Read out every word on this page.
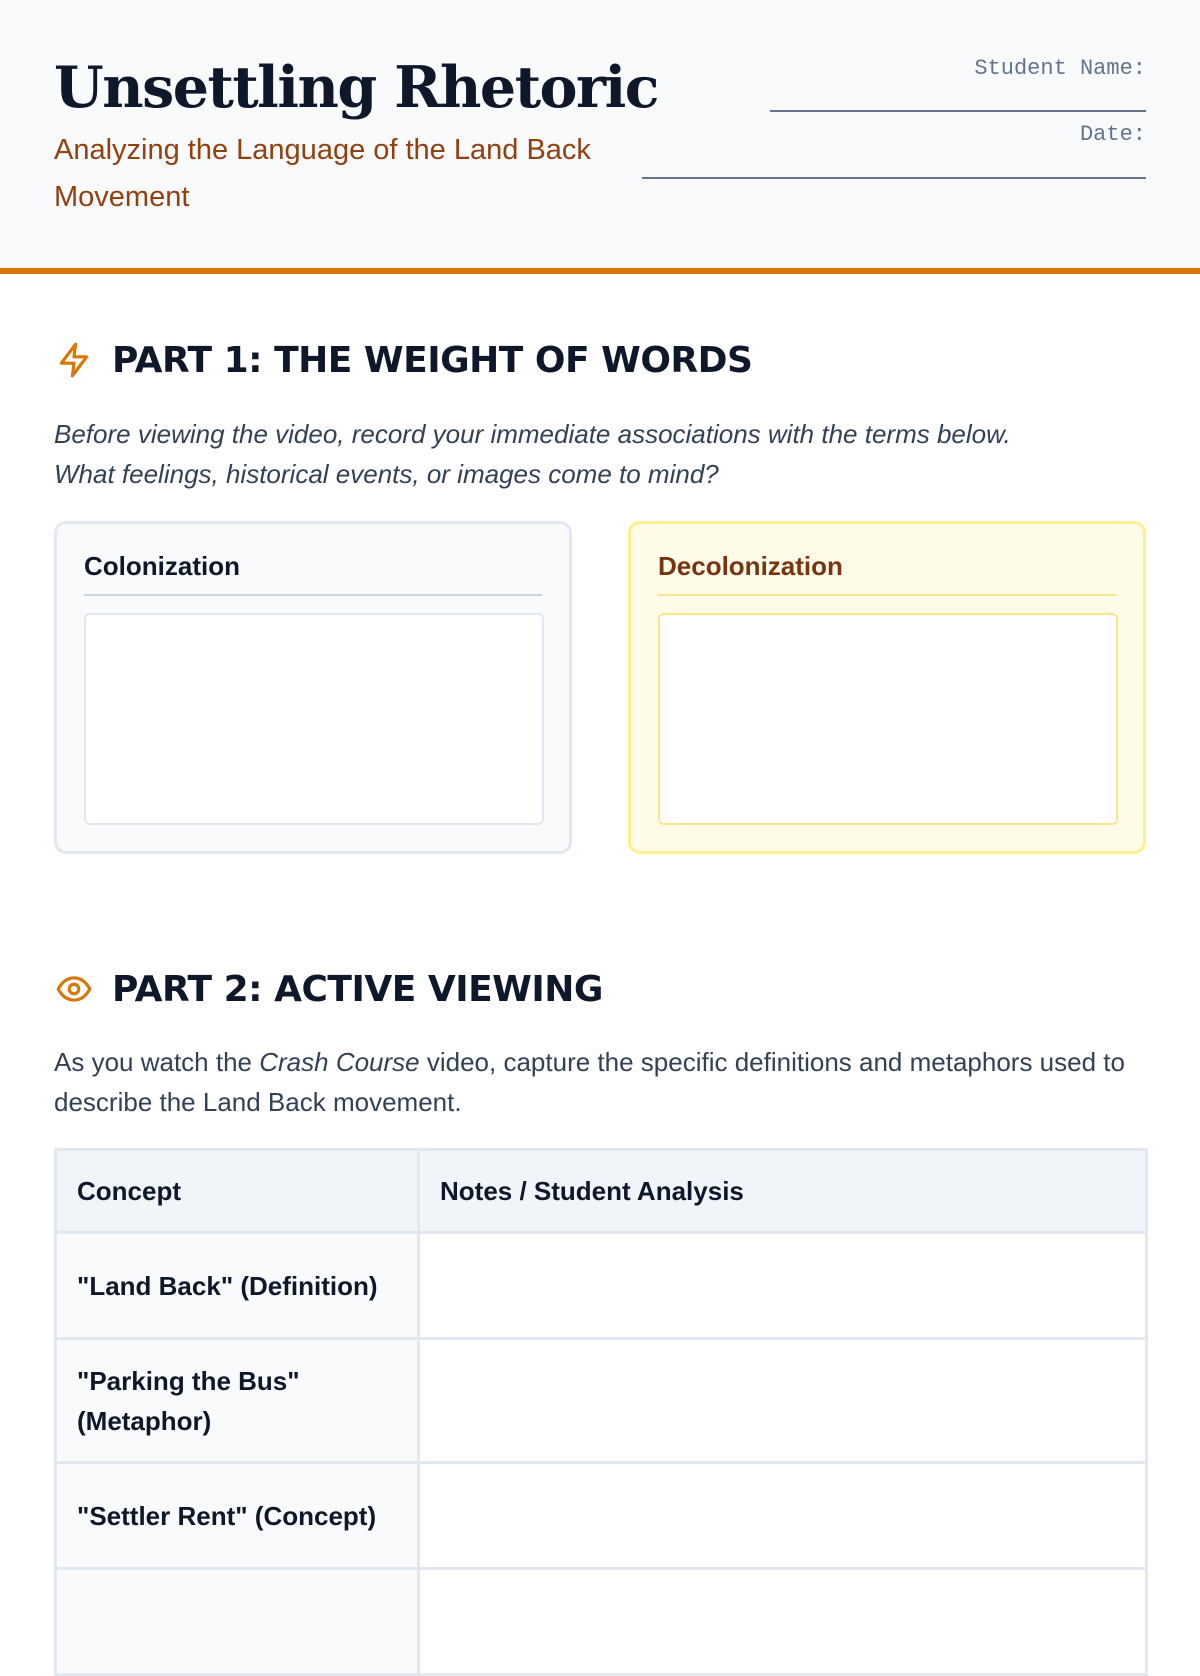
Unsettling Rhetoric

Analyzing the Language of the Land Back Movement

Student Name:
Date:
PART 1: THE WEIGHT OF WORDS
Before viewing the video, record your immediate associations with the terms below.
What feelings, historical events, or images come to mind?
Colonization	Decolonization
PART 2: ACTIVE VIEWING

As you watch the Crash Course video, capture the specific definitions and metaphors used to describe the Land Back movement.

Concept	Notes / Student Analysis
"Land Back" (Definition)	
"Parking the Bus" (Metaphor)	
"Settler Rent" (Concept)	
